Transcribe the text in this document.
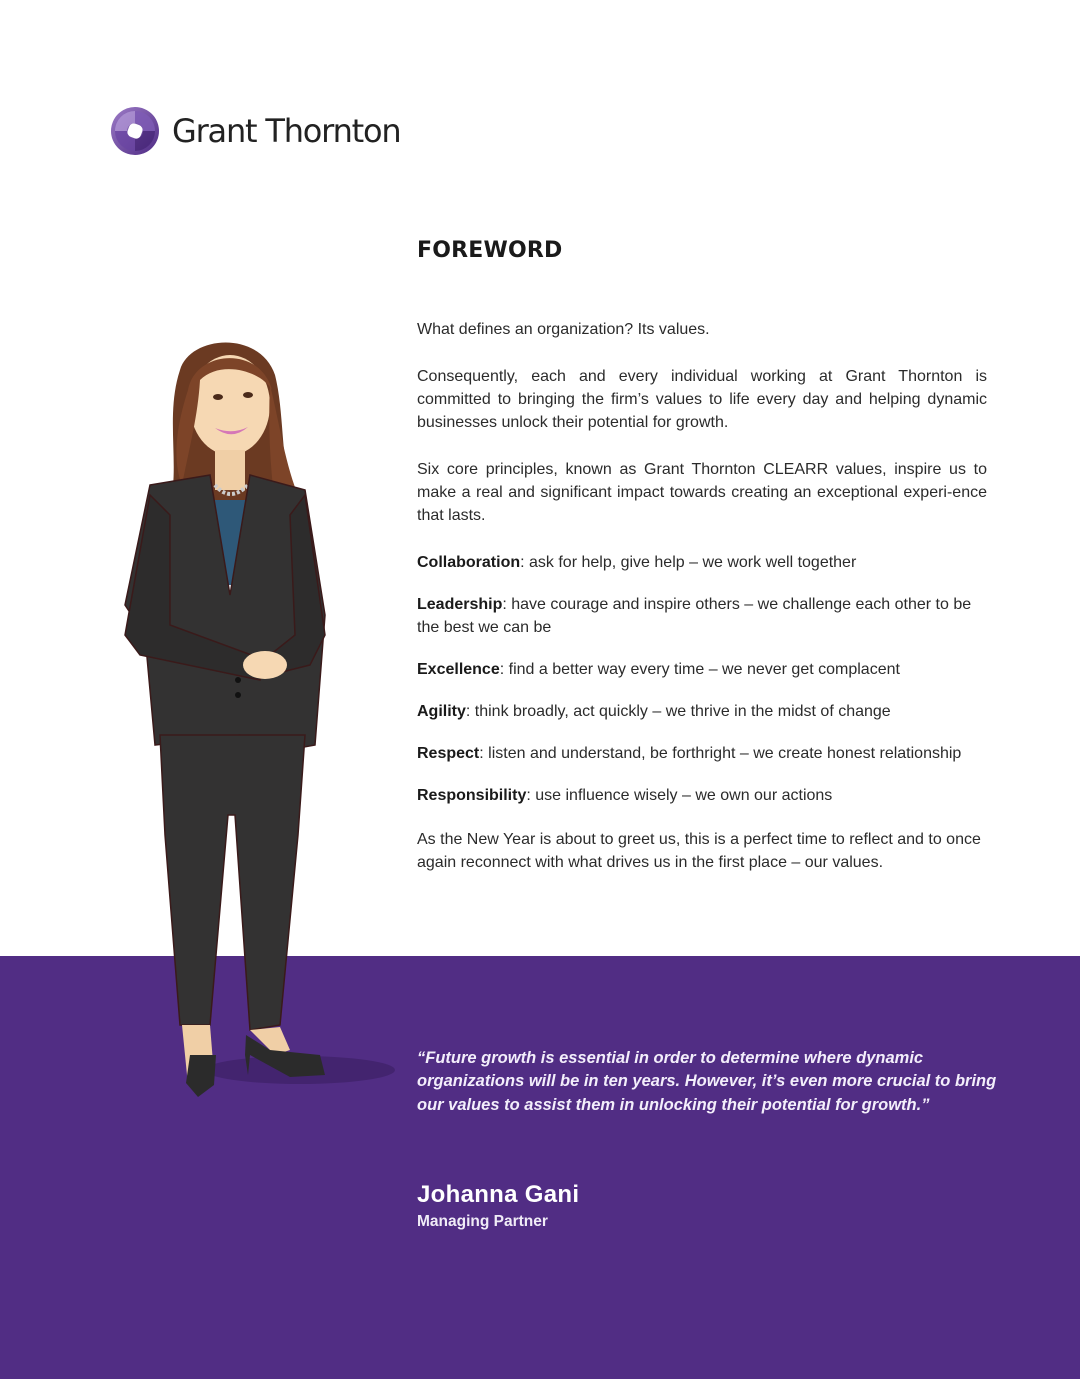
Grant Thornton
FOREWORD

What defines an organization? Its values.

Consequently, each and every individual working at Grant Thornton is committed to bringing the firm’s values to life every day and helping dynamic businesses unlock their potential for growth.

Six core principles, known as Grant Thornton CLEARR values, inspire us to make a real and significant impact towards creating an exceptional experi-ence that lasts.

Collaboration: ask for help, give help – we work well together

Leadership: have courage and inspire others – we challenge each other to be the best we can be

Excellence: find a better way every time – we never get complacent

Agility: think broadly, act quickly – we thrive in the midst of change

Respect: listen and understand, be forthright – we create honest relationship

Responsibility: use influence wisely – we own our actions

As the New Year is about to greet us, this is a perfect time to reflect and to once again reconnect with what drives us in the first place – our values.

“Future growth is essential in order to determine where dynamic organizations will be in ten years. However, it’s even more crucial to bring our values to assist them in unlocking their potential for growth.”
Johanna Gani
Managing Partner
